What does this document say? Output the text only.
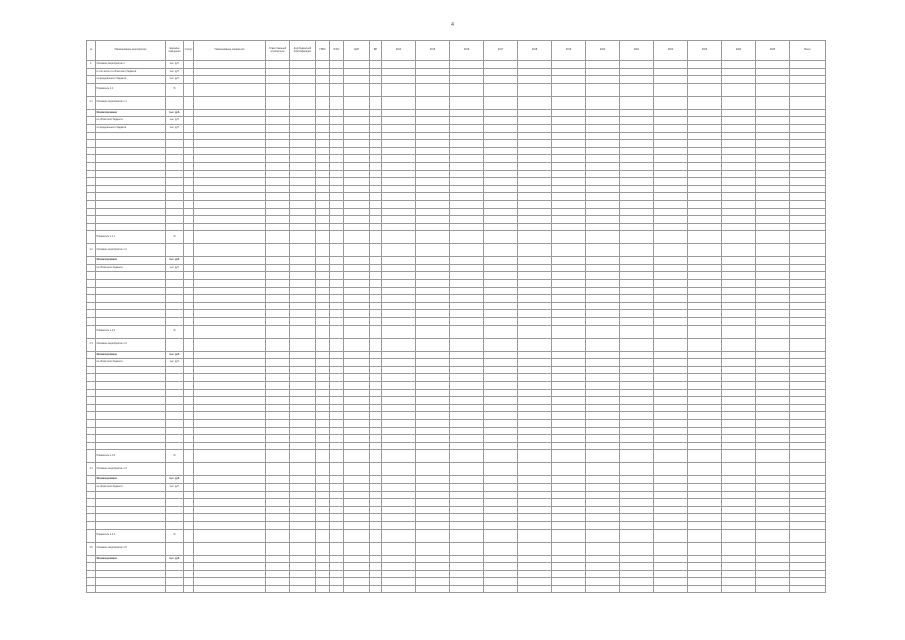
4
№	Наименование мероприятия	Единица измерения	Статус	Наименование показателя	Ответственный исполнитель	Код бюджетной классификации	ГРБС	РзПр	ЦСР	ВР	2014	2015	2016	2017	2018	2019	2020	2021	2022	2023	2024	2025	Всего
1.	Основное мероприятие 1	тыс. руб.																					
	в том числе из областного бюджета	тыс. руб.																					
	из федерального бюджета	тыс. руб.																					
	Показатель 1.1	%																					
1.1	Основное мероприятие 1.1																						
	Финансирование	тыс. руб.																					
	из областного бюджета	тыс. руб.																					
	из федерального бюджета	тыс. руб.																					

	Показатель 1.1.1	%																					
1.2	Основное мероприятие 1.2																						
	Финансирование	тыс. руб.																					
	из областного бюджета	тыс. руб.																					

	Показатель 1.2.1	%																					
1.3	Основное мероприятие 1.3																						
	Финансирование	тыс. руб.																					
	из областного бюджета	тыс. руб.																					

	Показатель 1.3.1	%																					
1.4	Основное мероприятие 1.4																						
	Финансирование	тыс. руб.																					
	из областного бюджета	тыс. руб.																					

	Показатель 1.4.1	%																					
1.5	Основное мероприятие 1.5																						
	Финансирование	тыс. руб.																					
